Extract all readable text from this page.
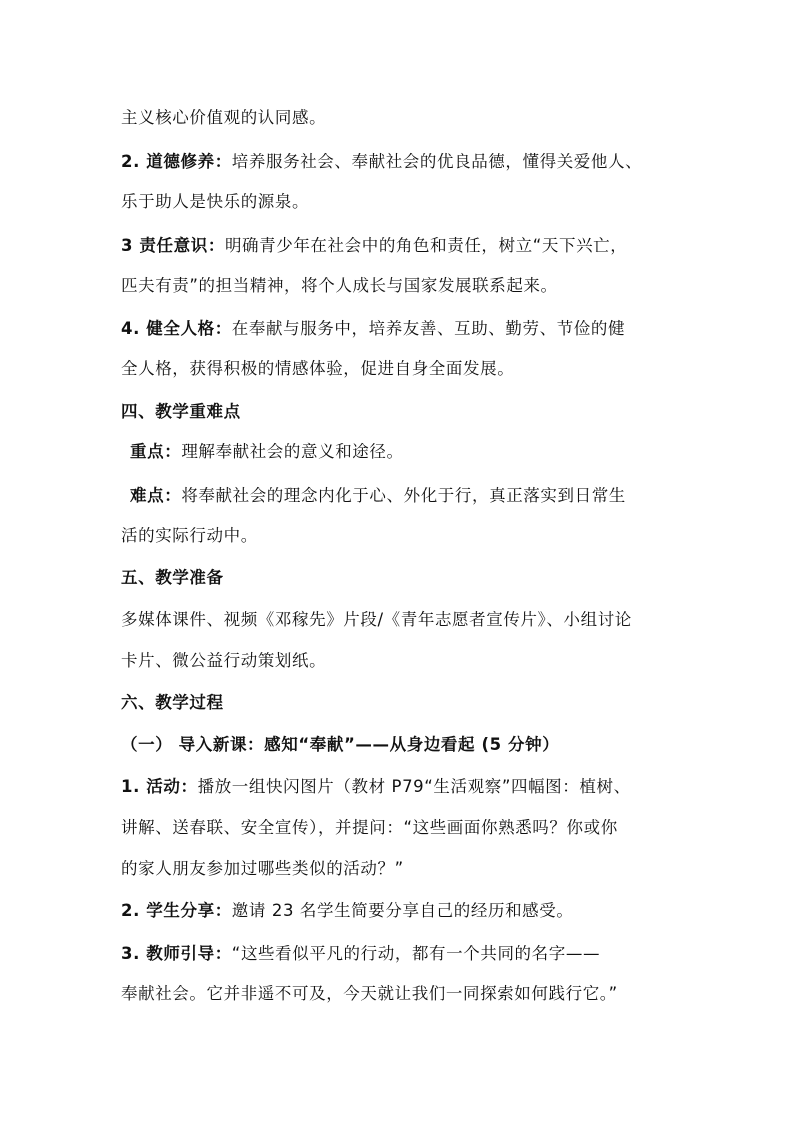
主义核心价值观的认同感。
2. 道德修养：培养服务社会、奉献社会的优良品德，懂得关爱他人、
乐于助人是快乐的源泉。
3 责任意识：明确青少年在社会中的角色和责任，树立“天下兴亡，
匹夫有责”的担当精神，将个人成长与国家发展联系起来。
4. 健全人格：在奉献与服务中，培养友善、互助、勤劳、节俭的健
全人格，获得积极的情感体验，促进自身全面发展。
四、教学重难点
重点：理解奉献社会的意义和途径。
难点：将奉献社会的理念内化于心、外化于行，真正落实到日常生
活的实际行动中。
五、教学准备
多媒体课件、视频《邓稼先》片段/《青年志愿者宣传片》、小组讨论
卡片、微公益行动策划纸。
六、教学过程
（一） 导入新课：感知“奉献”——从身边看起 (5 分钟）
1. 活动：播放一组快闪图片（教材 P79“生活观察”四幅图：植树、
讲解、送春联、安全宣传），并提问：“这些画面你熟悉吗？你或你
的家人朋友参加过哪些类似的活动？”
2. 学生分享：邀请 23 名学生简要分享自己的经历和感受。
3. 教师引导：“这些看似平凡的行动，都有一个共同的名字——
奉献社会。它并非遥不可及，今天就让我们一同探索如何践行它。”
